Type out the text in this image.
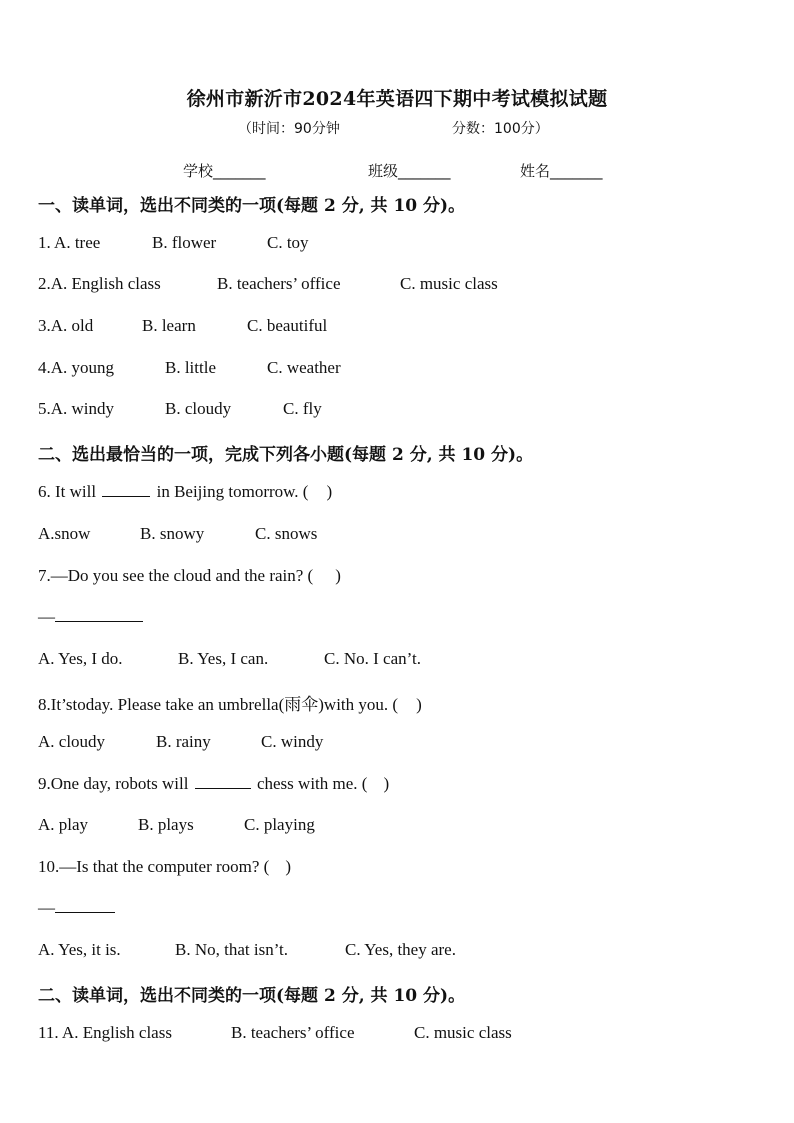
徐州市新沂市2024年英语四下期中考试模拟试题
（时间：90分钟	分数：100分）
学校_______	班级_______	姓名_______
一、读单词，选出不同类的一项(每题 2 分, 共 10 分)。
1. A. tree	B. flower	C. toy
2.A. English class	B. teachers’ office	C. music class
3.A. old	B. learn	C. beautiful
4.A. young	B. little	C. weather
5.A. windy	B. cloudy	C. fly
二、选出最恰当的一项，完成下列各小题(每题 2 分, 共 10 分)。
6. It will	in Beijing tomorrow. ( )
A.snow	B. snowy	C. snows
7.—Do you see the cloud and the rain? ( )
—
A. Yes, I do.	B. Yes, I can.	C. No. I can’t.
8.It’stoday. Please take an umbrella(雨伞)with you. ( )
A. cloudy	B. rainy	C. windy
9.One day, robots will	chess with me. ( )
A. play	B. plays	C. playing
10.—Is that the computer room? ( )
—
A. Yes, it is.	B. No, that isn’t.	C. Yes, they are.
二、读单词，选出不同类的一项(每题 2 分, 共 10 分)。
11. A. English class	B. teachers’ office	C. music class
